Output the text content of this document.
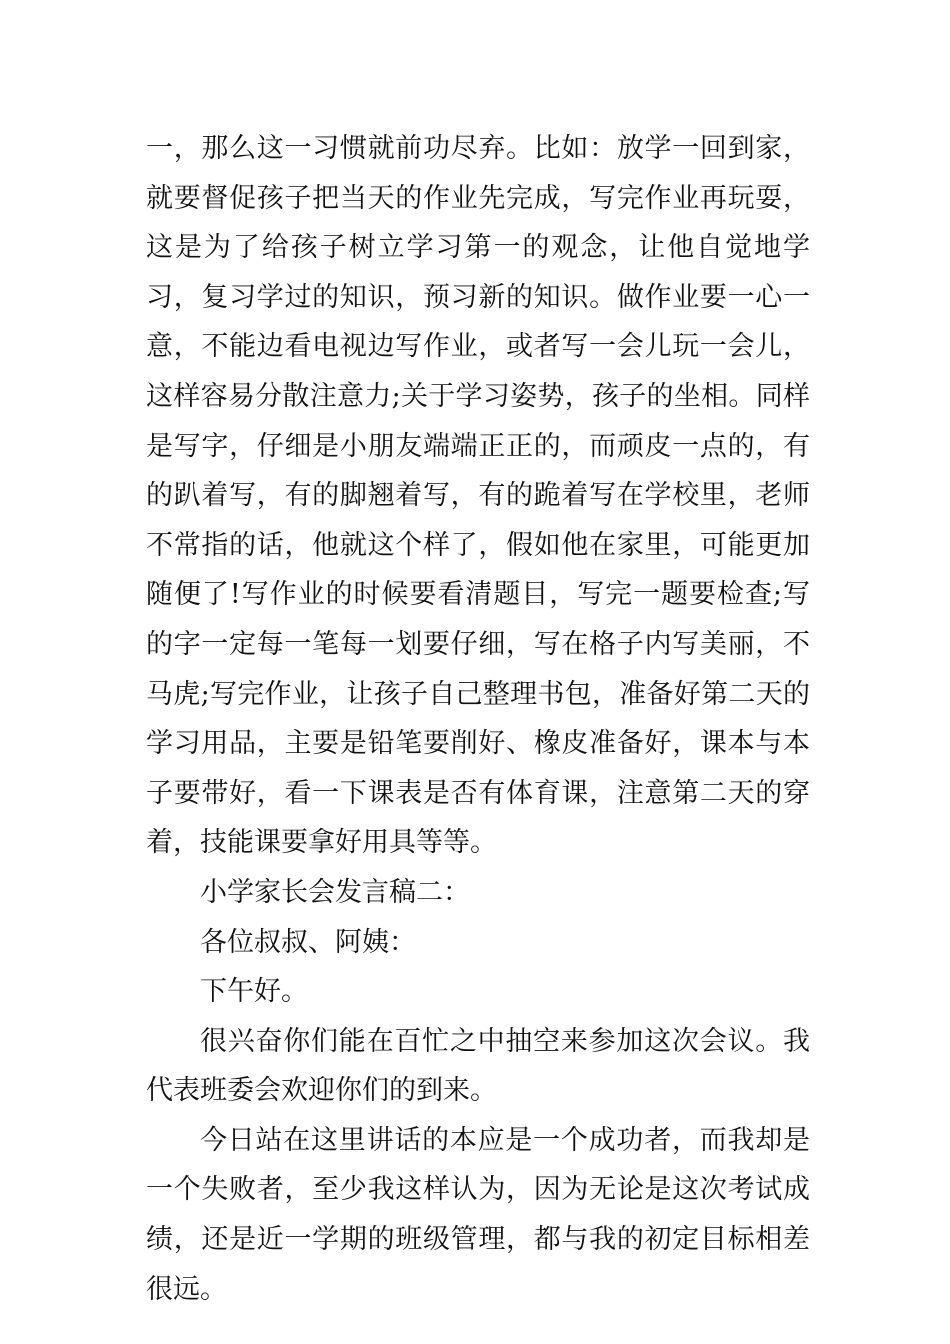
一，那么这一习惯就前功尽弃。比如：放学一回到家，就要督促孩子把当天的作业先完成，写完作业再玩耍，这是为了给孩子树立学习第一的观念，让他自觉地学习，复习学过的知识，预习新的知识。做作业要一心一意，不能边看电视边写作业，或者写一会儿玩一会儿，这样容易分散注意力;关于学习姿势，孩子的坐相。同样是写字，仔细是小朋友端端正正的，而顽皮一点的，有的趴着写，有的脚翘着写，有的跪着写在学校里，老师不常指的话，他就这个样了，假如他在家里，可能更加随便了!写作业的时候要看清题目，写完一题要检查;写的字一定每一笔每一划要仔细，写在格子内写美丽，不马虎;写完作业，让孩子自己整理书包，准备好第二天的学习用品，主要是铅笔要削好、橡皮准备好，课本与本子要带好，看一下课表是否有体育课，注意第二天的穿着，技能课要拿好用具等等。

小学家长会发言稿二：

各位叔叔、阿姨：

下午好。

很兴奋你们能在百忙之中抽空来参加这次会议。我代表班委会欢迎你们的到来。

今日站在这里讲话的本应是一个成功者，而我却是一个失败者，至少我这样认为，因为无论是这次考试成绩，还是近一学期的班级管理，都与我的初定目标相差很远。
